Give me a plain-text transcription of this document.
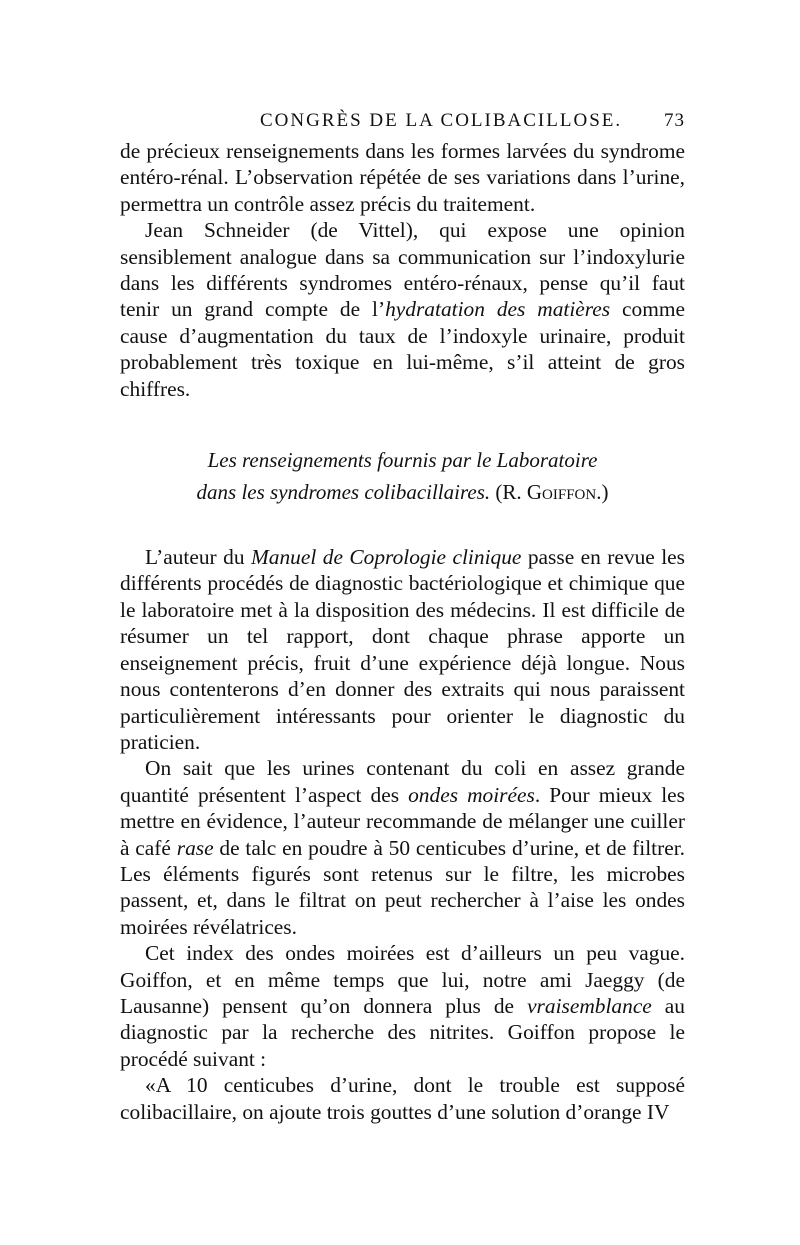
CONGRÈS DE LA COLIBACILLOSE. 73

de précieux renseignements dans les formes larvées du syndrome entéro-rénal. L’observation répétée de ses variations dans l’urine, permettra un contrôle assez précis du traitement.

Jean Schneider (de Vittel), qui expose une opinion sensiblement analogue dans sa communication sur l’indoxylurie dans les différents syndromes entéro-rénaux, pense qu’il faut tenir un grand compte de l’hydratation des matières comme cause d’augmentation du taux de l’indoxyle urinaire, produit probablement très toxique en lui-même, s’il atteint de gros chiffres.

Les renseignements fournis par le Laboratoire
dans les syndromes colibacillaires. (R. Goiffon.)

L’auteur du Manuel de Coprologie clinique passe en revue les différents procédés de diagnostic bactériologique et chimique que le laboratoire met à la disposition des médecins. Il est difficile de résumer un tel rapport, dont chaque phrase apporte un enseignement précis, fruit d’une expérience déjà longue. Nous nous contenterons d’en donner des extraits qui nous paraissent particulièrement intéressants pour orienter le diagnostic du praticien.

On sait que les urines contenant du coli en assez grande quantité présentent l’aspect des ondes moirées. Pour mieux les mettre en évidence, l’auteur recommande de mélanger une cuiller à café rase de talc en poudre à 50 centicubes d’urine, et de filtrer. Les éléments figurés sont retenus sur le filtre, les microbes passent, et, dans le filtrat on peut rechercher à l’aise les ondes moirées révélatrices.

Cet index des ondes moirées est d’ailleurs un peu vague. Goiffon, et en même temps que lui, notre ami Jaeggy (de Lausanne) pensent qu’on donnera plus de vraisemblance au diagnostic par la recherche des nitrites. Goiffon propose le procédé suivant :

«A 10 centicubes d’urine, dont le trouble est supposé colibacillaire, on ajoute trois gouttes d’une solution d’orange IV
